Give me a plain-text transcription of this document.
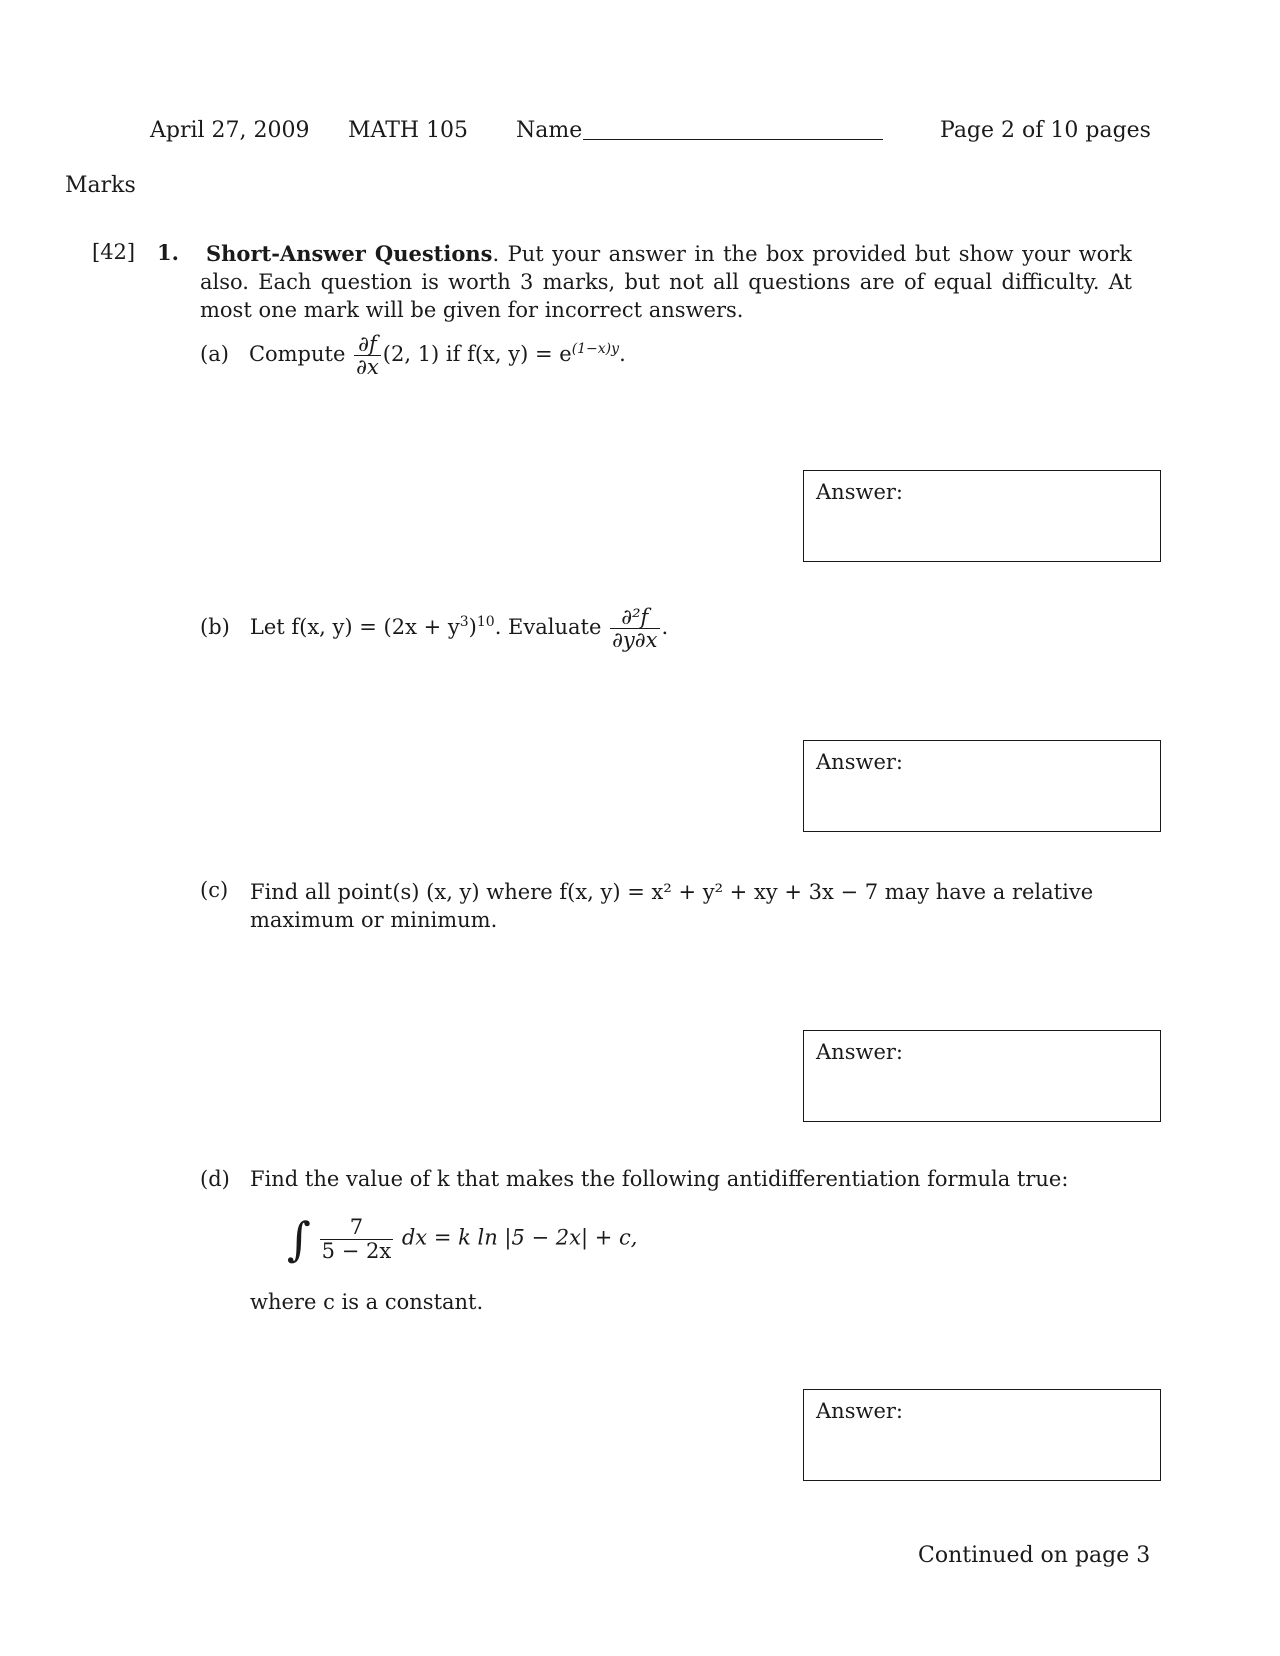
April 27, 2009 MATH 105 Name	Page 2 of 10 pages
Marks
[42] 1. Short-Answer Questions. Put your answer in the box provided but show your work also. Each question is worth 3 marks, but not all questions are of equal difficulty. At most one mark will be given for incorrect answers.
(a) Compute $\frac{\partial f}{\partial x} (2$, 1) if f(x, $y) = e^{(1-x)y}$.
Answer:
(b) Let f(x, $y) = (2x + y^3)^{10}$. Evaluate $\frac{\text{∂²f}}{\partial y\partial x}$ .
Answer:
(c) Find all point(s) (x, y) where f(x, y) = x² + y² + xy + 3x − 7 may have a relative maximum or minimum.
Answer:
(d) Find the value of k that makes the following antidifferentiation formula true:
∫ $\frac{7}{5 - 2x}$ dx = k ln |5 − 2x| + c,
where c is a constant.
Answer:
Continued on page 3
